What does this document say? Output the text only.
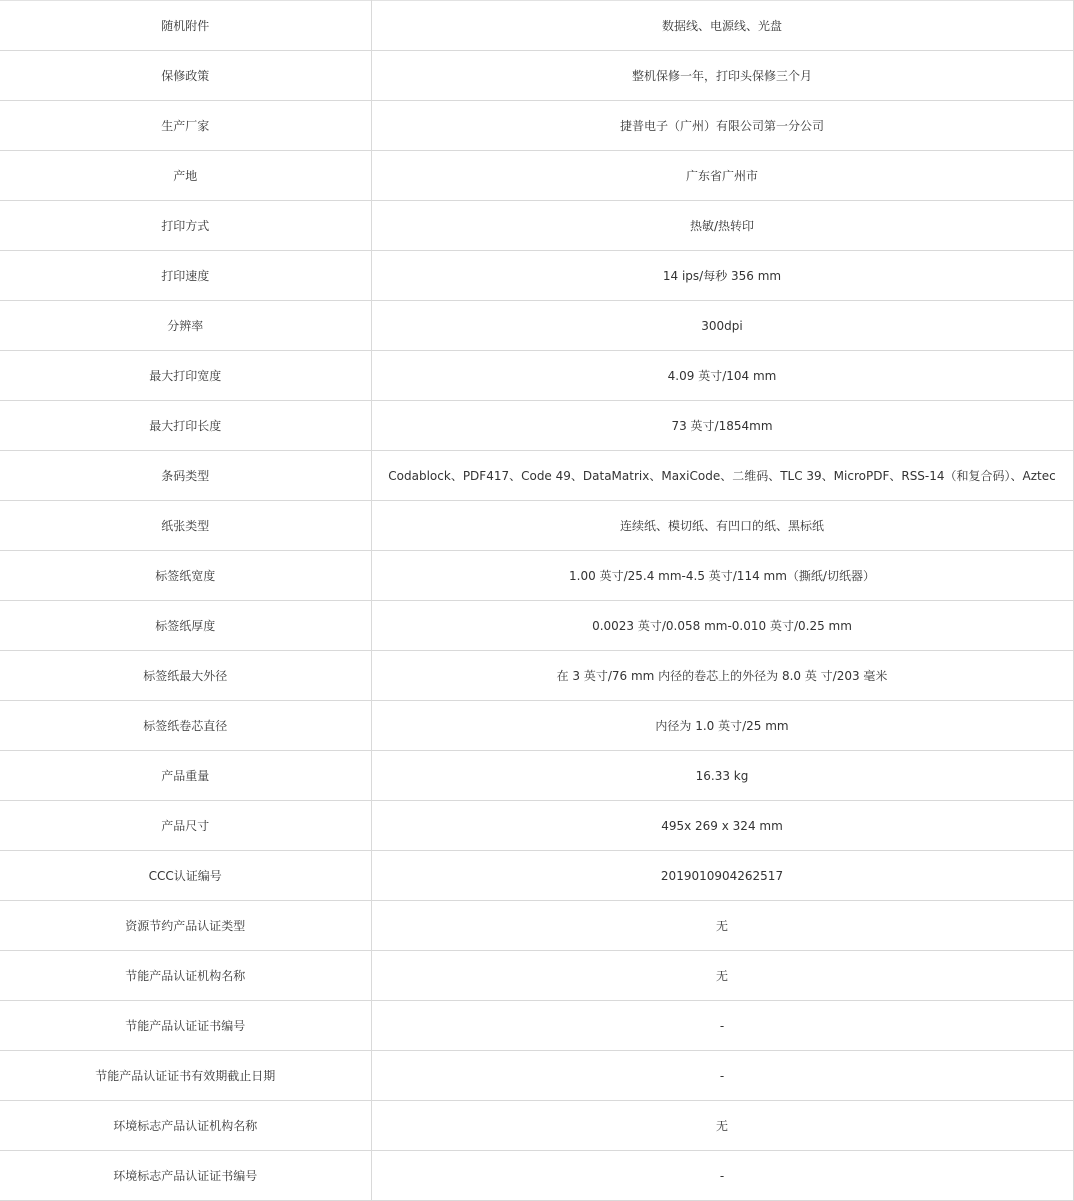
随机附件	数据线、电源线、光盘
保修政策	整机保修一年，打印头保修三个月
生产厂家	捷普电子（广州）有限公司第一分公司
产地	广东省广州市
打印方式	热敏/热转印
打印速度	14 ips/每秒 356 mm
分辨率	300dpi
最大打印宽度	4.09 英寸/104 mm
最大打印长度	73 英寸/1854mm
条码类型	Codablock、PDF417、Code 49、DataMatrix、MaxiCode、二维码、TLC 39、MicroPDF、RSS-14（和复合码）、Aztec
纸张类型	连续纸、模切纸、有凹口的纸、黑标纸
标签纸宽度	1.00 英寸/25.4 mm-4.5 英寸/114 mm（撕纸/切纸器）
标签纸厚度	0.0023 英寸/0.058 mm-0.010 英寸/0.25 mm
标签纸最大外径	在 3 英寸/76 mm 内径的卷芯上的外径为 8.0 英 寸/203 毫米
标签纸卷芯直径	内径为 1.0 英寸/25 mm
产品重量	16.33 kg
产品尺寸	495x 269 x 324 mm
CCC认证编号	2019010904262517
资源节约产品认证类型	无
节能产品认证机构名称	无
节能产品认证证书编号	-
节能产品认证证书有效期截止日期	-
环境标志产品认证机构名称	无
环境标志产品认证证书编号	-
